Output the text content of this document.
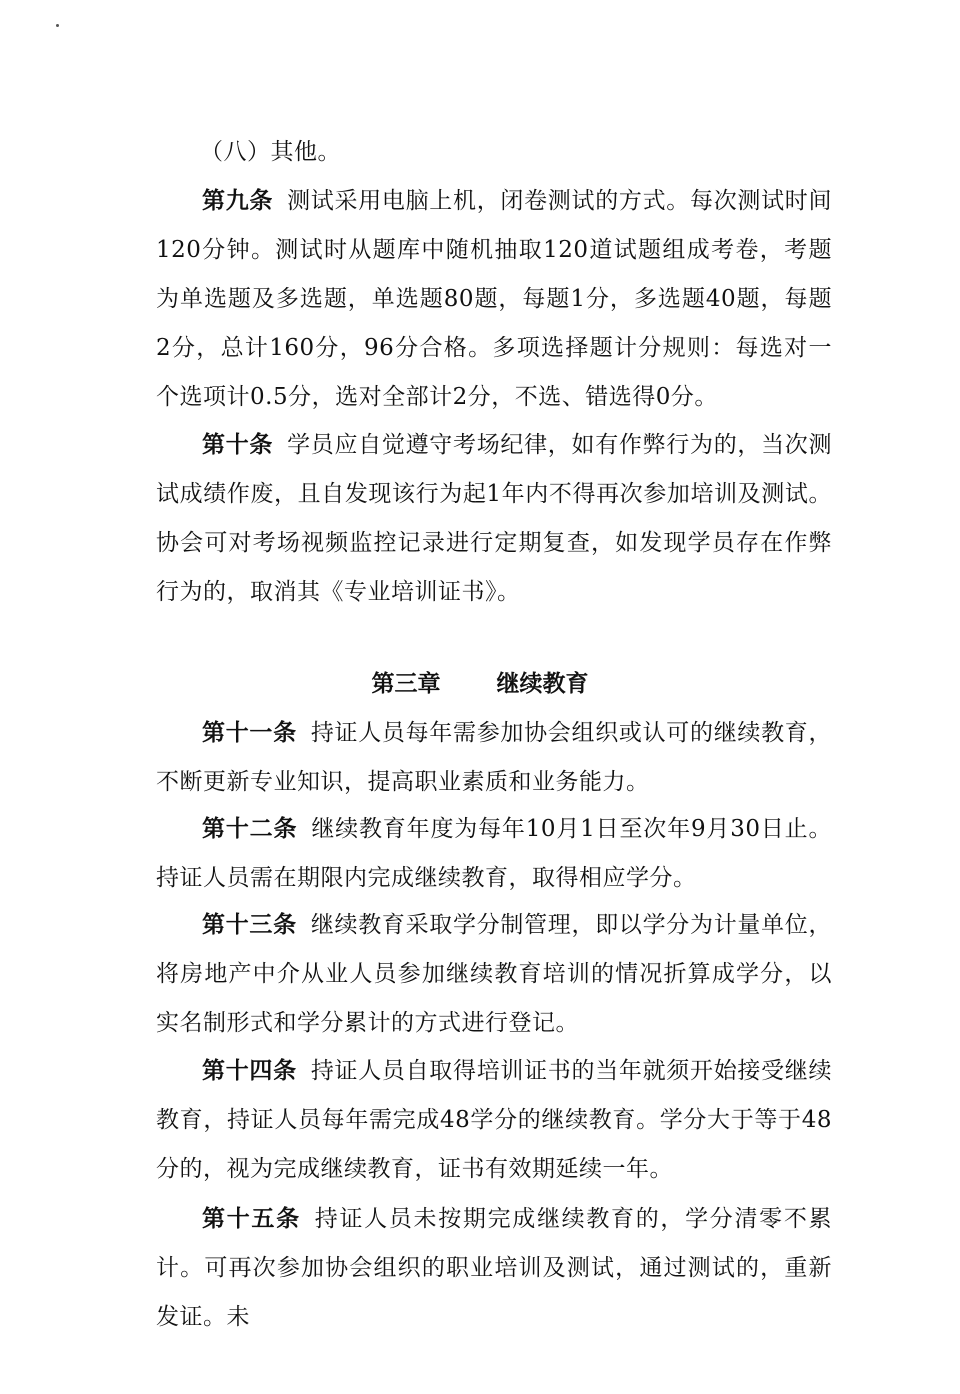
（八）其他。

第九条 测试采用电脑上机，闭卷测试的方式。每次测试时间120分钟。测试时从题库中随机抽取120道试题组成考卷，考题为单选题及多选题，单选题80题，每题1分，多选题40题，每题2分，总计160分，96分合格。多项选择题计分规则：每选对一个选项计0.5分，选对全部计2分，不选、错选得0分。

第十条 学员应自觉遵守考场纪律，如有作弊行为的，当次测试成绩作废，且自发现该行为起1年内不得再次参加培训及测试。协会可对考场视频监控记录进行定期复查，如发现学员存在作弊行为的，取消其《专业培训证书》。

第三章 继续教育

第十一条 持证人员每年需参加协会组织或认可的继续教育，不断更新专业知识，提高职业素质和业务能力。

第十二条 继续教育年度为每年10月1日至次年9月30日止。持证人员需在期限内完成继续教育，取得相应学分。

第十三条 继续教育采取学分制管理，即以学分为计量单位，将房地产中介从业人员参加继续教育培训的情况折算成学分，以实名制形式和学分累计的方式进行登记。

第十四条 持证人员自取得培训证书的当年就须开始接受继续教育，持证人员每年需完成48学分的继续教育。学分大于等于48分的，视为完成继续教育，证书有效期延续一年。

第十五条 持证人员未按期完成继续教育的，学分清零不累计。可再次参加协会组织的职业培训及测试，通过测试的，重新发证。未
